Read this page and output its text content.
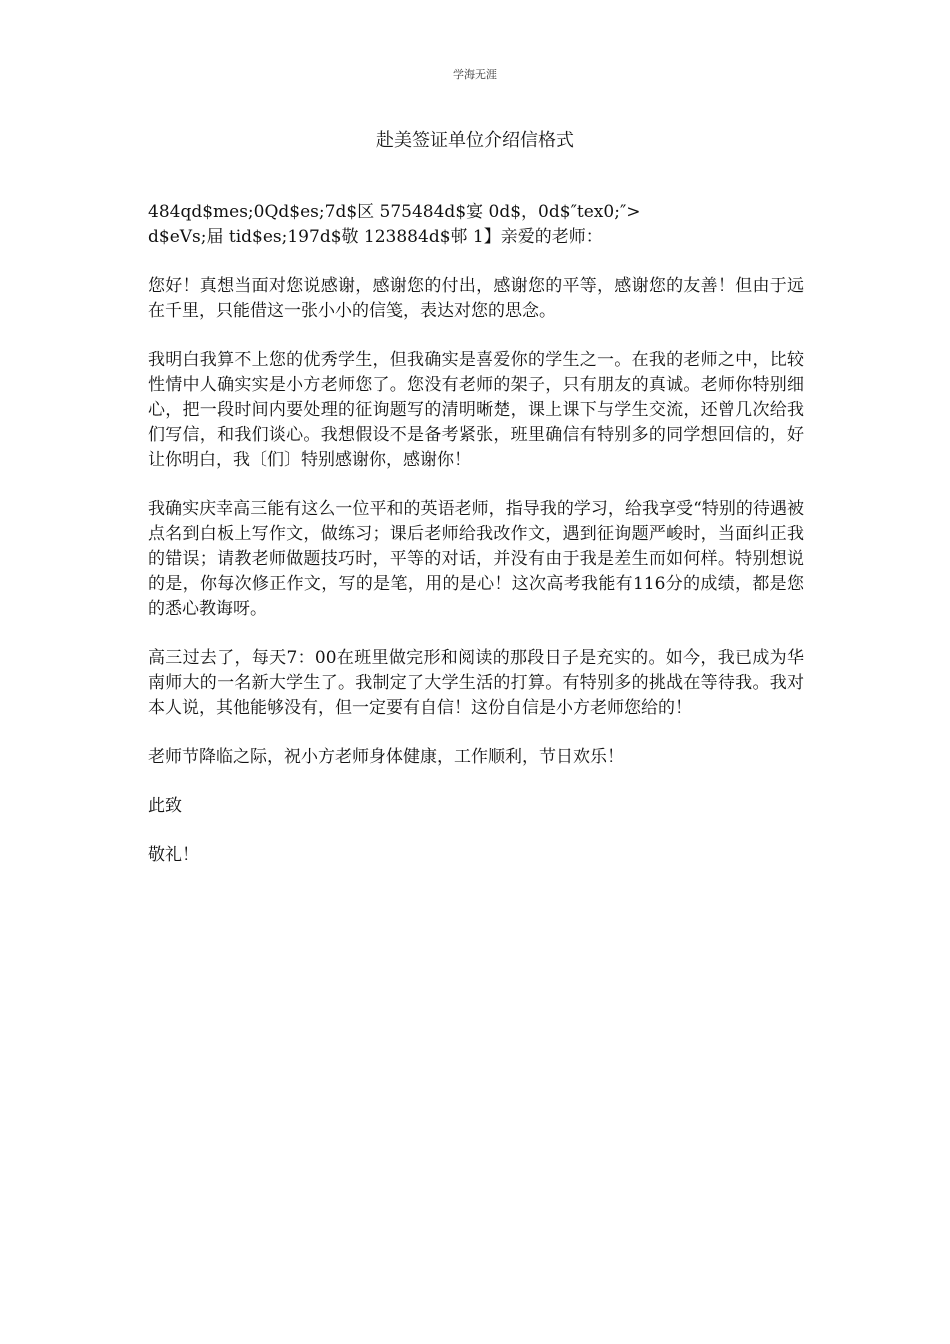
学海无涯
赴美签证单位介绍信格式

484qd$mes;0Qd$es;7d$区 575484d$宴 0d$，0d$″tex0;″>
d$eVs;届 tid$es;197d$敬 123884d$邨 1】亲爱的老师：

您好！真想当面对您说感谢，感谢您的付出，感谢您的平等，感谢您的友善！但由于远在千里，只能借这一张小小的信笺，表达对您的思念。

我明白我算不上您的优秀学生，但我确实是喜爱你的学生之一。在我的老师之中，比较性情中人确实实是小方老师您了。您没有老师的架子，只有朋友的真诚。老师你特别细心，把一段时间内要处理的征询题写的清明晰楚，课上课下与学生交流，还曾几次给我们写信，和我们谈心。我想假设不是备考紧张，班里确信有特别多的同学想回信的，好让你明白，我〔们〕特别感谢你，感谢你！

我确实庆幸高三能有这么一位平和的英语老师，指导我的学习，给我享受“特别的待遇被点名到白板上写作文，做练习；课后老师给我改作文，遇到征询题严峻时，当面纠正我的错误；请教老师做题技巧时，平等的对话，并没有由于我是差生而如何样。特别想说的是，你每次修正作文，写的是笔，用的是心！这次高考我能有116分的成绩，都是您的悉心教诲呀。

高三过去了，每天7：00在班里做完形和阅读的那段日子是充实的。如今，我已成为华南师大的一名新大学生了。我制定了大学生活的打算。有特别多的挑战在等待我。我对本人说，其他能够没有，但一定要有自信！这份自信是小方老师您给的！

老师节降临之际，祝小方老师身体健康，工作顺利，节日欢乐！

此致

敬礼！
